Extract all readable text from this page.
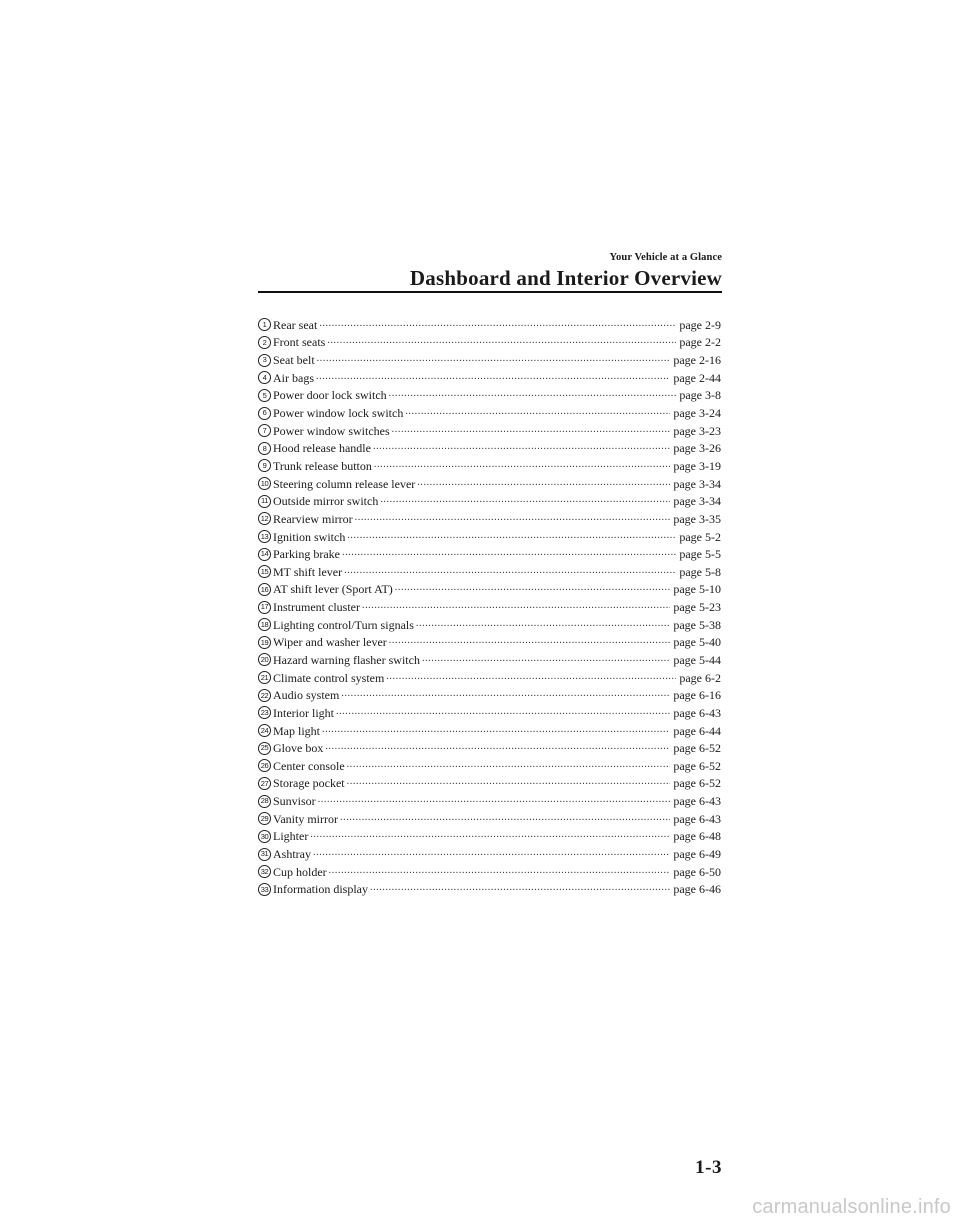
Your Vehicle at a Glance
Dashboard and Interior Overview
1 Rear seat .....	page 2-9
2 Front seats .....	page 2-2
3 Seat belt .....	page 2-16
4 Air bags .....	page 2-44
5 Power door lock switch .....	page 3-8
6 Power window lock switch .....	page 3-24
7 Power window switches .....	page 3-23
8 Hood release handle .....	page 3-26
9 Trunk release button .....	page 3-19
10 Steering column release lever .....	page 3-34
11 Outside mirror switch .....	page 3-34
12 Rearview mirror .....	page 3-35
13 Ignition switch .....	page 5-2
14 Parking brake .....	page 5-5
15 MT shift lever .....	page 5-8
16 AT shift lever (Sport AT) .....	page 5-10
17 Instrument cluster .....	page 5-23
18 Lighting control/Turn signals .....	page 5-38
19 Wiper and washer lever .....	page 5-40
20 Hazard warning flasher switch .....	page 5-44
21 Climate control system .....	page 6-2
22 Audio system .....	page 6-16
23 Interior light .....	page 6-43
24 Map light .....	page 6-44
25 Glove box .....	page 6-52
26 Center console .....	page 6-52
27 Storage pocket .....	page 6-52
28 Sunvisor .....	page 6-43
29 Vanity mirror .....	page 6-43
30 Lighter .....	page 6-48
31 Ashtray .....	page 6-49
32 Cup holder .....	page 6-50
33 Information display .....	page 6-46
1-3
carmanualsonline.info
